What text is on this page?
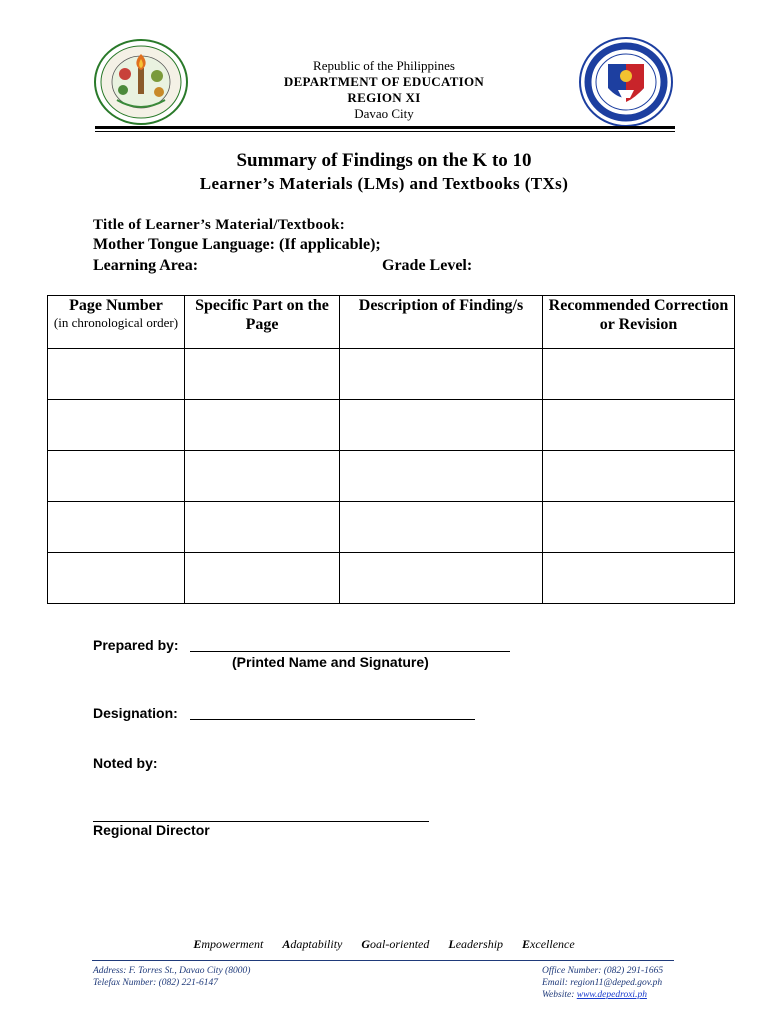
Republic of the Philippines
DEPARTMENT OF EDUCATION
REGION XI
Davao City
Summary of Findings on the K to 10
Learner’s Materials (LMs) and Textbooks (TXs)
Title of Learner’s Material/Textbook:
Mother Tongue Language: (If applicable);
Learning Area:	Grade Level:
Page Number
(in chronological order)	Specific Part on the Page	Description of Finding/s	Recommended Correction or Revision

Prepared by:
(Printed Name and Signature)
Designation:
Noted by:
Regional Director
Empowerment Adaptability Goal-oriented Leadership Excellence
Address: F. Torres St., Davao City (8000)
Telefax Number: (082) 221-6147
Office Number: (082) 291-1665
Email: region11@deped.gov.ph
Website: www.depedroxi.ph
